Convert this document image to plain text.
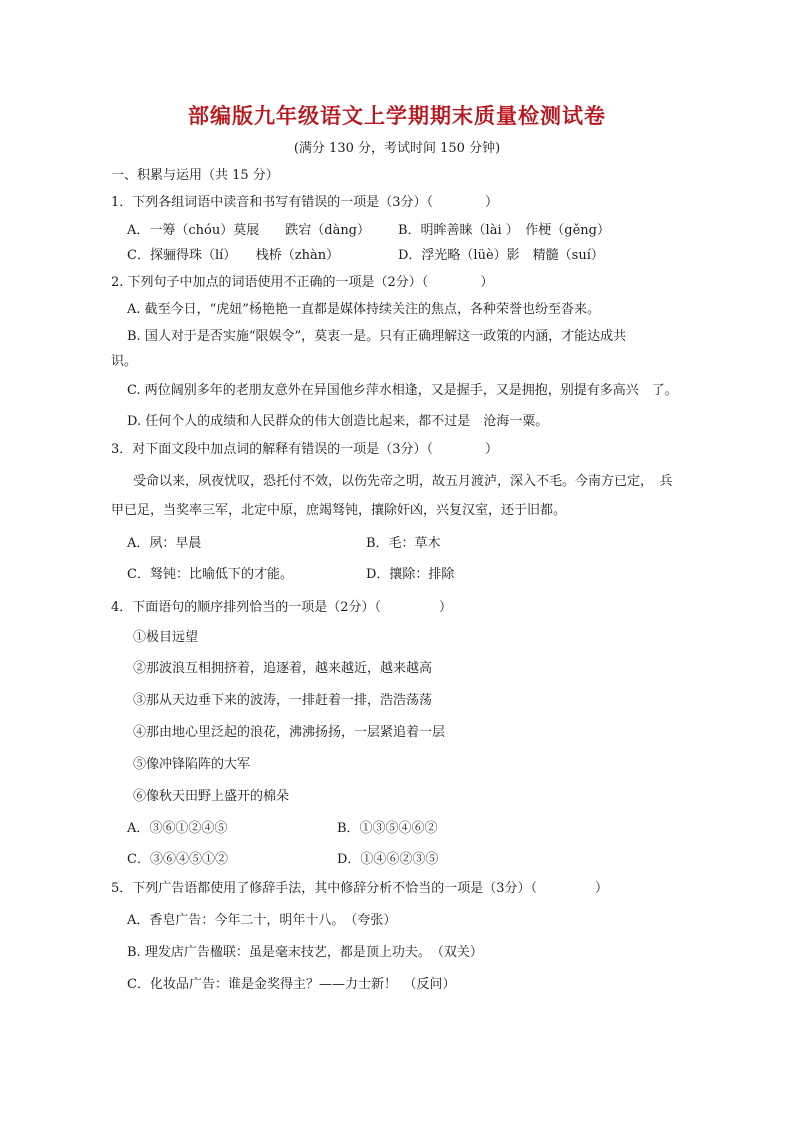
部编版九年级语文上学期期末质量检测试卷
(满分 130 分，考试时间 150 分钟)
一、积累与运用（共 15 分）
1．下列各组词语中读音和书写有错误的一项是（3分）（	）
A．一筹（chóu）莫展　　跌宕（dàng） B．明眸善睐（lài ）　作梗（gěng）
C．探骊得珠（lí）　　栈桥（zhàn）	D．浮光略（lüè）影　精髓（suí）
2. 下列句子中加点的词语使用不正确的一项是（2分）（	）
A. 截至今日，“虎妞”杨艳艳一直都是媒体持续关注的焦点，各种荣誉也纷至沓来。
B. 国人对于是否实施“限娱令”，莫衷一是。只有正确理解这一政策的内涵，才能达成共
识。
C. 两位阔别多年的老朋友意外在异国他乡萍水相逢，又是握手，又是拥抱，别提有多高兴　了。
D. 任何个人的成绩和人民群众的伟大创造比起来，都不过是　沧海一粟。
3．对下面文段中加点词的解释有错误的一项是（3分）（	）
受命以来，夙夜忧叹，恐托付不效，以伤先帝之明，故五月渡泸，深入不毛。今南方已定，　兵
甲已足，当奖率三军，北定中原，庶竭驽钝，攘除奸凶，兴复汉室，还于旧都。
A．夙：早晨	B．毛：草木
C．驽钝：比喻低下的才能。	D．攘除：排除
4．下面语句的顺序排列恰当的一项是（2分）（	）
①极目远望
②那波浪互相拥挤着，追逐着，越来越近，越来越高
③那从天边垂下来的波涛，一排赶着一排，浩浩荡荡
④那由地心里泛起的浪花，沸沸扬扬，一层紧追着一层
⑤像冲锋陷阵的大军
⑥像秋天田野上盛开的棉朵
A．③⑥①②④⑤	B．①③⑤④⑥②
C．③⑥④⑤①②	D．①④⑥②③⑤
5．下列广告语都使用了修辞手法，其中修辞分析不恰当的一项是（3分）（	）
A．香皂广告：今年二十，明年十八。　（夸张）
B. 理发店广告楹联：虽是毫末技艺，都是顶上功夫。　（双关）
C．化妆品广告：谁是金奖得主？——力士新！　（反问）
